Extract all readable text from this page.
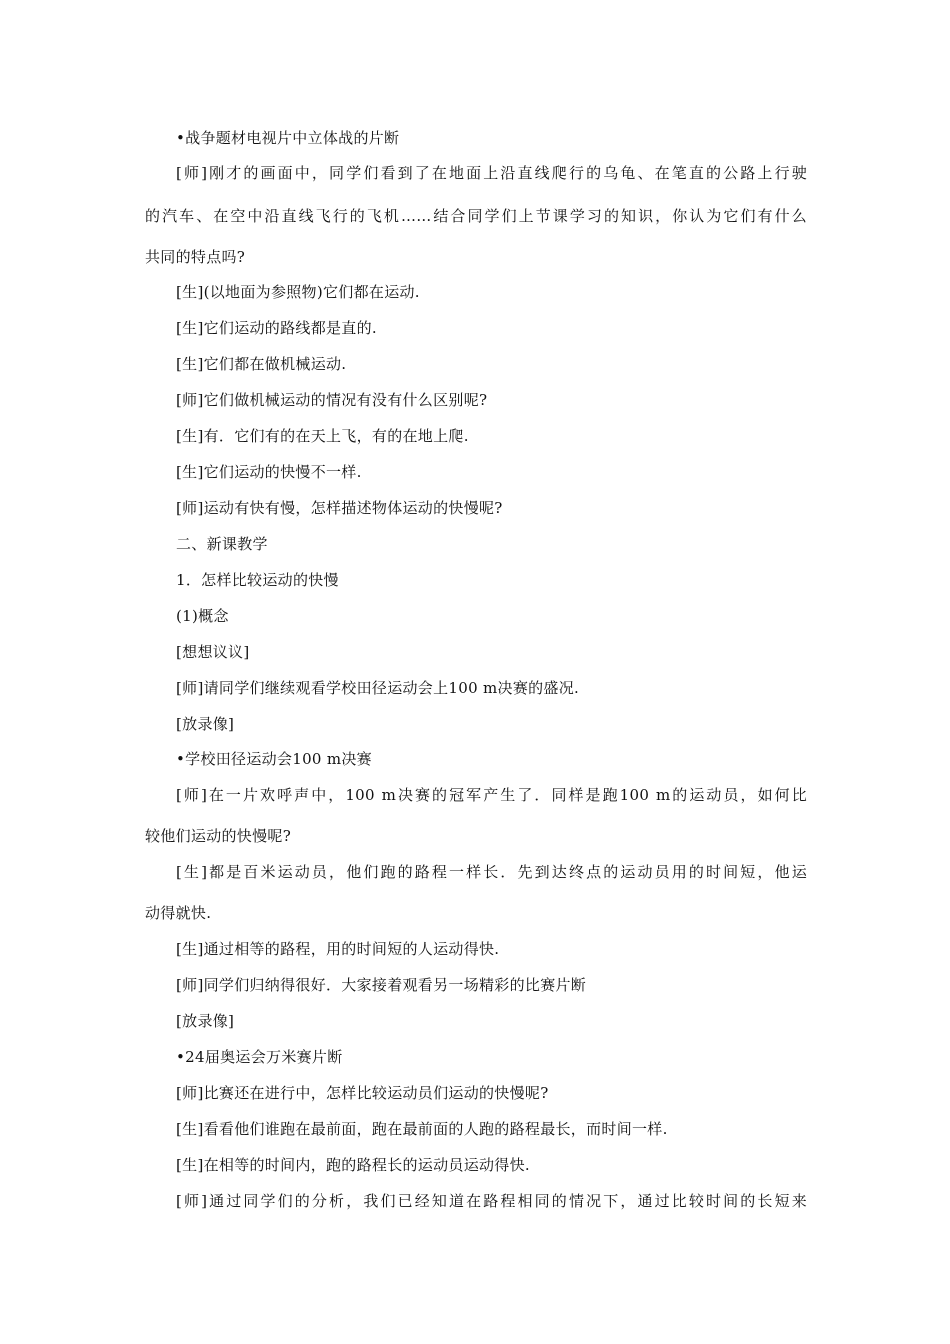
•战争题材电视片中立体战的片断
[师]刚才的画面中，同学们看到了在地面上沿直线爬行的乌龟、在笔直的公路上行驶
的汽车、在空中沿直线飞行的飞机……结合同学们上节课学习的知识，你认为它们有什么
共同的特点吗?
[生](以地面为参照物)它们都在运动.
[生]它们运动的路线都是直的.
[生]它们都在做机械运动.
[师]它们做机械运动的情况有没有什么区别呢?
[生]有．它们有的在天上飞，有的在地上爬.
[生]它们运动的快慢不一样.
[师]运动有快有慢，怎样描述物体运动的快慢呢?
二、新课教学
1．怎样比较运动的快慢
(1)概念
[想想议议]
[师]请同学们继续观看学校田径运动会上100 m决赛的盛况.
[放录像]
•学校田径运动会100 m决赛
[师]在一片欢呼声中，100 m决赛的冠军产生了．同样是跑100 m的运动员，如何比
较他们运动的快慢呢?
[生]都是百米运动员，他们跑的路程一样长．先到达终点的运动员用的时间短，他运
动得就快.
[生]通过相等的路程，用的时间短的人运动得快.
[师]同学们归纳得很好．大家接着观看另一场精彩的比赛片断
[放录像]
•24届奥运会万米赛片断
[师]比赛还在进行中，怎样比较运动员们运动的快慢呢?
[生]看看他们谁跑在最前面，跑在最前面的人跑的路程最长，而时间一样.
[生]在相等的时间内，跑的路程长的运动员运动得快.
[师]通过同学们的分析，我们已经知道在路程相同的情况下，通过比较时间的长短来
